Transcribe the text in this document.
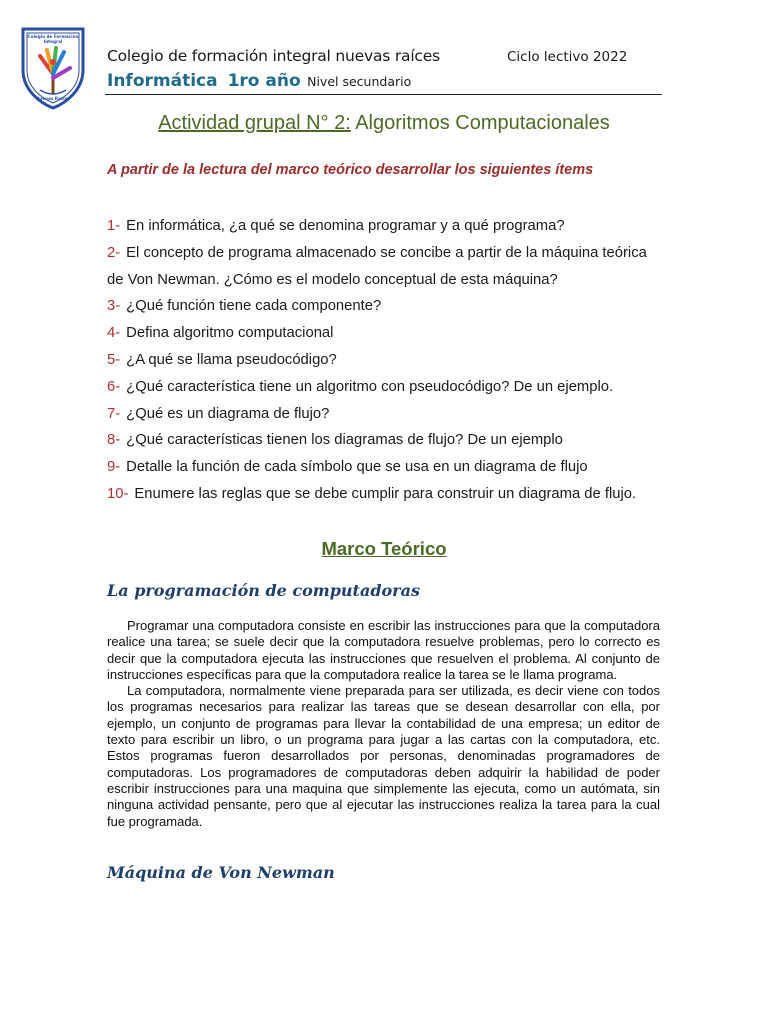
Colegio de Formación
Integral
Nuevas Raíces
Colegio de formación integral nuevas raíces	Ciclo lectivo 2022
Informática 1ro año Nivel secundario
Actividad grupal N° 2: Algoritmos Computacionales
A partir de la lectura del marco teórico desarrollar los siguientes ítems
1- En informática, ¿a qué se denomina programar y a qué programa?
2- El concepto de programa almacenado se concibe a partir de la máquina teórica
de Von Newman. ¿Cómo es el modelo conceptual de esta máquina?
3- ¿Qué función tiene cada componente?
4- Defina algoritmo computacional
5- ¿A qué se llama pseudocódigo?
6- ¿Qué característica tiene un algoritmo con pseudocódigo? De un ejemplo.
7- ¿Qué es un diagrama de flujo?
8- ¿Qué características tienen los diagramas de flujo? De un ejemplo
9- Detalle la función de cada símbolo que se usa en un diagrama de flujo
10- Enumere las reglas que se debe cumplir para construir un diagrama de flujo.
Marco Teórico
La programación de computadoras

Programar una computadora consiste en escribir las instrucciones para que la computadora realice una tarea; se suele decir que la computadora resuelve problemas, pero lo correcto es decir que la computadora ejecuta las instrucciones que resuelven el problema. Al conjunto de instrucciones específicas para que la computadora realice la tarea se le llama programa.

La computadora, normalmente viene preparada para ser utilizada, es decir viene con todos los programas necesarios para realizar las tareas que se desean desarrollar con ella, por ejemplo, un conjunto de programas para llevar la contabilidad de una empresa; un editor de texto para escribir un libro, o un programa para jugar a las cartas con la computadora, etc. Estos programas fueron desarrollados por personas, denominadas programadores de computadoras. Los programadores de computadoras deben adquirir la habilidad de poder escribir instrucciones para una maquina que simplemente las ejecuta, como un autómata, sin ninguna actividad pensante, pero que al ejecutar las instrucciones realiza la tarea para la cual fue programada.

Máquina de Von Newman
